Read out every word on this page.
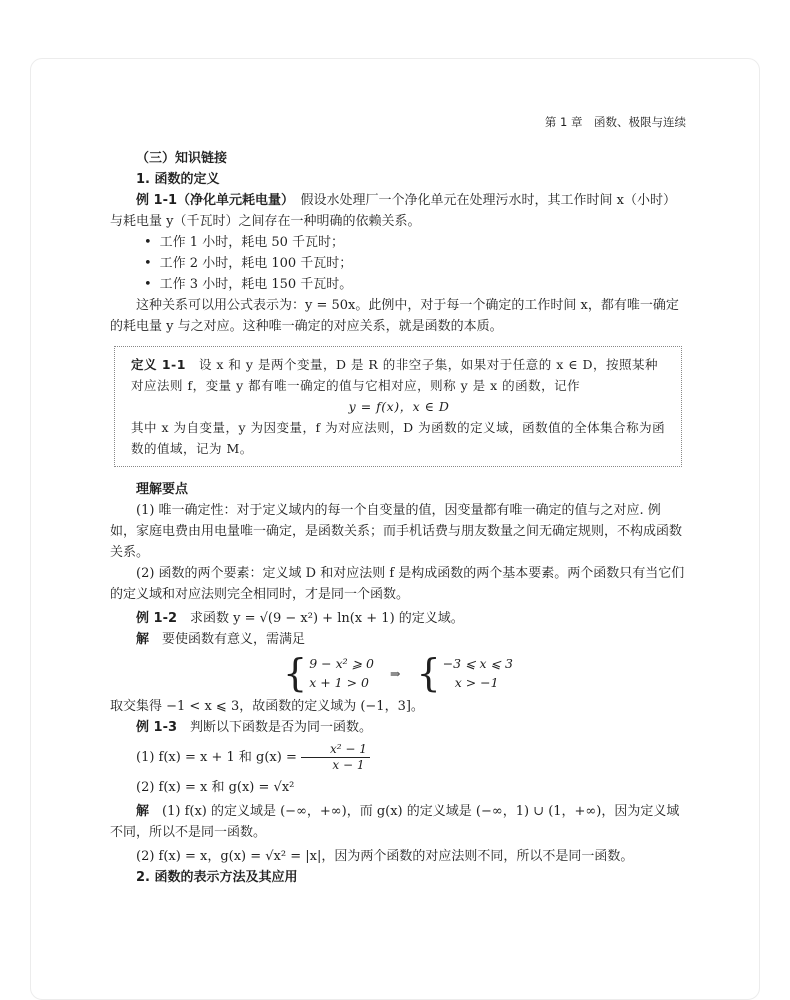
第 1 章　函数、极限与连续

（三）知识链接

1. 函数的定义

例 1-1（净化单元耗电量）　假设水处理厂一个净化单元在处理污水时，其工作时间 x（小时）与耗电量 y（千瓦时）之间存在一种明确的依赖关系。

• 工作 1 小时，耗电 50 千瓦时；
• 工作 2 小时，耗电 100 千瓦时；
• 工作 3 小时，耗电 150 千瓦时。

这种关系可以用公式表示为：y = 50x。此例中，对于每一个确定的工作时间 x，都有唯一确定的耗电量 y 与之对应。这种唯一确定的对应关系，就是函数的本质。

定义 1-1　设 x 和 y 是两个变量，D 是 R 的非空子集，如果对于任意的 x ∈ D，按照某种对应法则 f，变量 y 都有唯一确定的值与它相对应，则称 y 是 x 的函数，记作

y = f(x)，x ∈ D

其中 x 为自变量，y 为因变量，f 为对应法则，D 为函数的定义域，函数值的全体集合称为函数的值域，记为 M。

理解要点

(1) 唯一确定性：对于定义域内的每一个自变量的值，因变量都有唯一确定的值与之对应. 例如，家庭电费由用电量唯一确定，是函数关系；而手机话费与朋友数量之间无确定规则，不构成函数关系。

(2) 函数的两个要素：定义域 D 和对应法则 f 是构成函数的两个基本要素。两个函数只有当它们的定义域和对应法则完全相同时，才是同一个函数。

例 1-2　求函数 y = √(9 − x²) + ln(x + 1) 的定义域。

解　要使函数有意义，需满足

{ 9 − x² ⩾ 0
x + 1 > 0
⇒ { −3 ⩽ x ⩽ 3
x > −1

取交集得 −1 < x ⩽ 3，故函数的定义域为 (−1，3]。

例 1-3　判断以下函数是否为同一函数。

(1) f(x) = x + 1 和 $g(x) = \frac{\text{x² − 1}}{x - 1}$

(2) f(x) = x 和 g(x) = √x²

解　(1) f(x) 的定义域是 (−∞，+∞)，而 g(x) 的定义域是 (−∞，1) ∪ (1，+∞)，因为定义域不同，所以不是同一函数。

(2) f(x) = x，g(x) = √x² = |x|，因为两个函数的对应法则不同，所以不是同一函数。

2. 函数的表示方法及其应用
